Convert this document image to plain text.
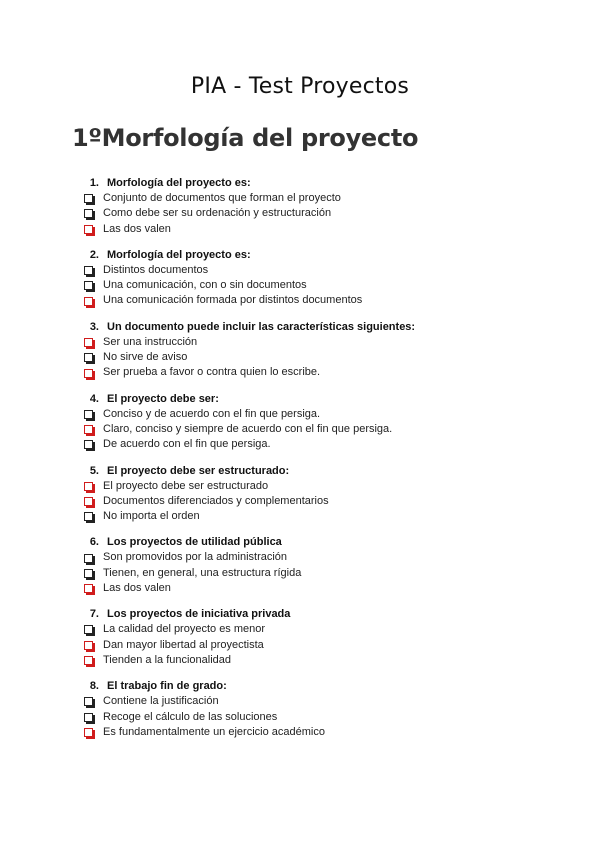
PIA - Test Proyectos
1ºMorfología del proyecto
1. Morfología del proyecto es:
Conjunto de documentos que forman el proyecto
Como debe ser su ordenación y estructuración
Las dos valen
2. Morfología del proyecto es:
Distintos documentos
Una comunicación, con o sin documentos
Una comunicación formada por distintos documentos
3. Un documento puede incluir las características siguientes:
Ser una instrucción
No sirve de aviso
Ser prueba a favor o contra quien lo escribe.
4. El proyecto debe ser:
Conciso y de acuerdo con el fin que persiga.
Claro, conciso y siempre de acuerdo con el fin que persiga.
De acuerdo con el fin que persiga.
5. El proyecto debe ser estructurado:
El proyecto debe ser estructurado
Documentos diferenciados y complementarios
No importa el orden
6. Los proyectos de utilidad pública
Son promovidos por la administración
Tienen, en general, una estructura rígida
Las dos valen
7. Los proyectos de iniciativa privada
La calidad del proyecto es menor
Dan mayor libertad al proyectista
Tienden a la funcionalidad
8. El trabajo fin de grado:
Contiene la justificación
Recoge el cálculo de las soluciones
Es fundamentalmente un ejercicio académico
